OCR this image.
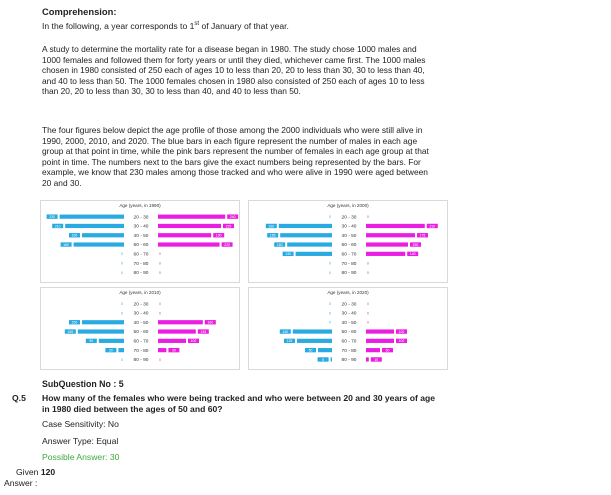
Comprehension:
In the following, a year corresponds to 1st of January of that year.
A study to determine the mortality rate for a disease began in 1980. The study chose 1000 males and 1000 females and followed them for forty years or until they died, whichever came first. The 1000 males chosen in 1980 consisted of 250 each of ages 10 to less than 20, 20 to less than 30, 30 to less than 40, and 40 to less than 50. The 1000 females chosen in 1980 also consisted of 250 each of ages 10 to less than 20, 20 to less than 30, 30 to less than 40, and 40 to less than 50.
The four figures below depict the age profile of those among the 2000 individuals who were still alive in 1990, 2000, 2010, and 2020. The blue bars in each figure represent the number of males in each age group at that point in time, while the pink bars represent the number of females in each age group at that point in time. The numbers next to the bars give the exact numbers being represented by the bars. For example, we know that 230 males among those tracked and who were alive in 1990 were aged between 20 and 30.
Age (years, in 1990)
20 - 30
230	240
30 - 40
210	225
40 - 50
150	190
50 - 60
180	220
60 - 70
0	0
70 - 80
0	0
80 - 90
0	0
Age (years, in 2000)
20 - 30
0	0
30 - 40
190	210
40 - 50
185	175
50 - 60
160	150
60 - 70
130	140
70 - 80
0	0
80 - 90
0	0
Age (years, in 2010)
20 - 30
0	0
30 - 40
0	0
40 - 50
150	160
50 - 60
165	135
60 - 70
90	100
70 - 80
20	30
80 - 90
0	0
Age (years, in 2020)
20 - 30
0	0
30 - 40
0	0
40 - 50
0	0
50 - 60
140	100
60 - 70
125	100
70 - 80
50	50
80 - 90
5	10
SubQuestion No : 5
Q.5 How many of the females who were being tracked and who were between 20 and 30 years of age in 1980 died between the ages of 50 and 60?
Case Sensitivity: No
Answer Type: Equal
Possible Answer: 30
Given 120
Answer :
